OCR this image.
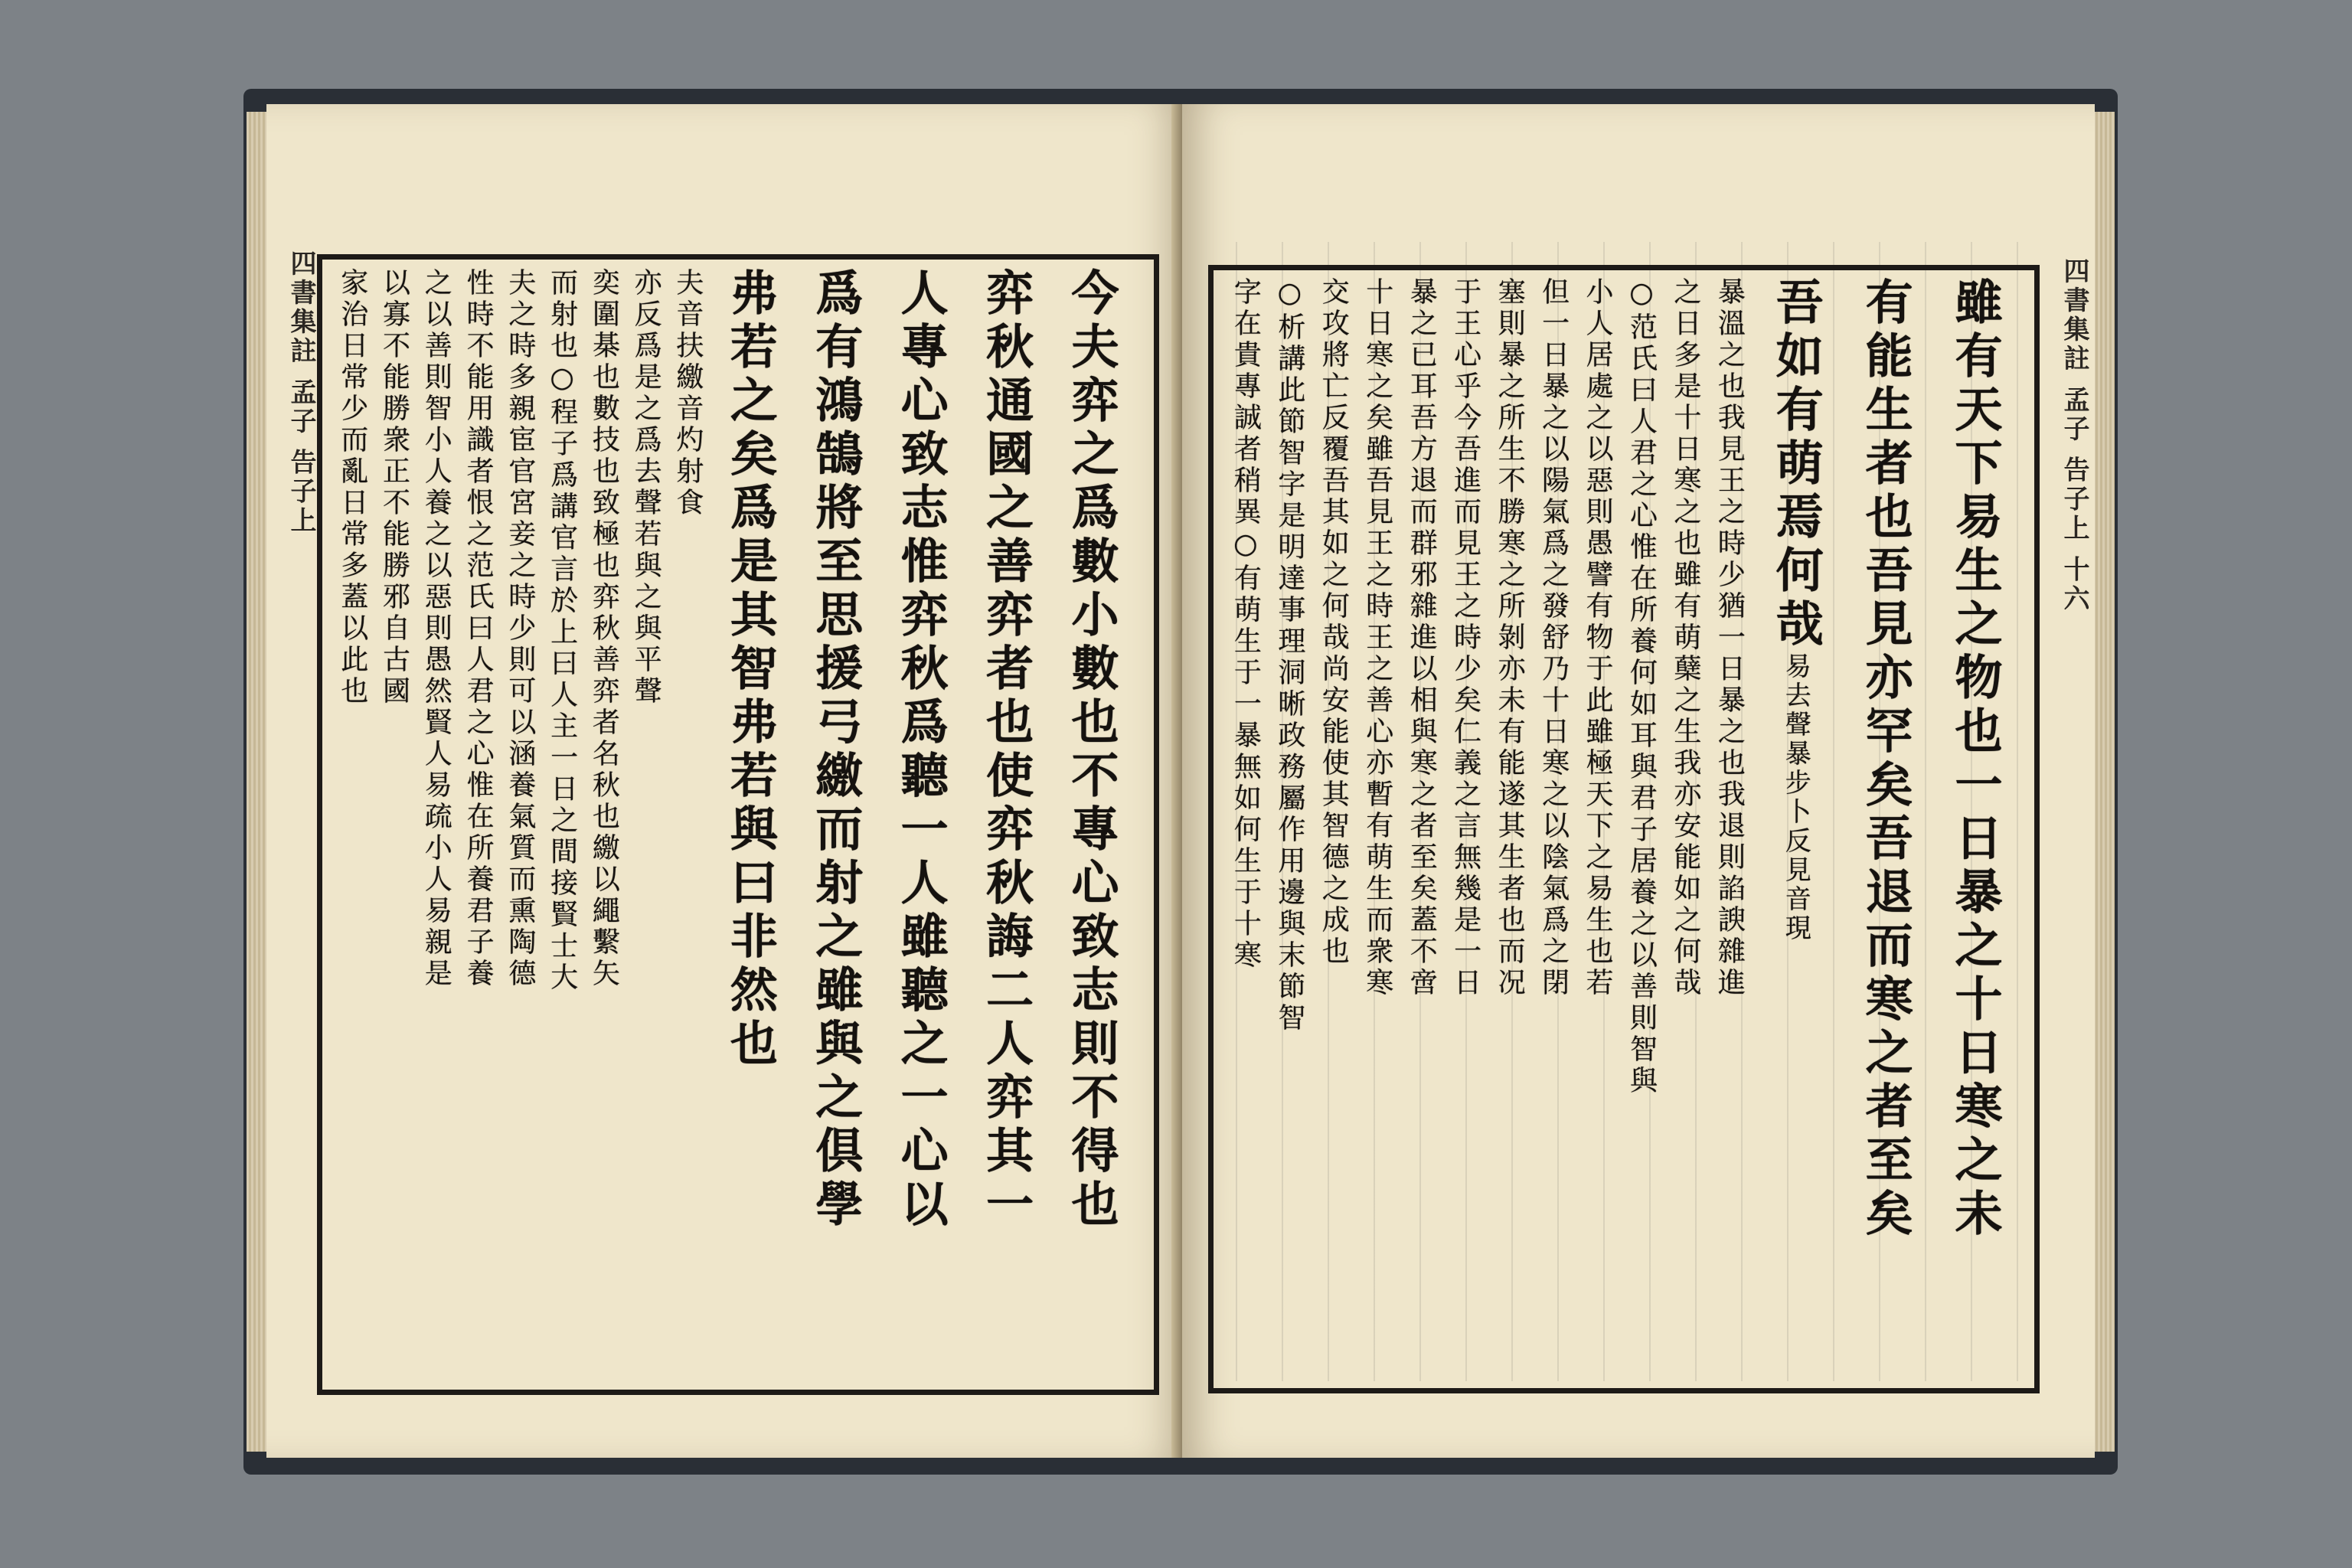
四書集註 孟子 告子上	今夫弈之爲數小數也不專心致志則不得也
弈秋通國之善弈者也使弈秋誨二人弈其一
人專心致志惟弈秋爲聽一人雖聽之一心以
爲有鴻鵠將至思援弓繳而射之雖與之倶學
弗若之矣爲是其智弗若與曰非然也
夫音扶繳音灼射食
亦反爲是之爲去聲若與之與平聲
奕圍棊也數技也致極也弈秋善弈者名秋也繳以繩繫矢
而射也○程子爲講官言於上曰人主一日之間接賢士大
夫之時多親宦官宮妾之時少則可以涵養氣質而熏陶德
性時不能用識者恨之范氏曰人君之心惟在所養君子養
之以善則智小人養之以惡則愚然賢人易疏小人易親是
以寡不能勝衆正不能勝邪自古國
家治日常少而亂日常多蓋以此也	四書集註 孟子 告子上 十六
雖有天下易生之物也一日暴之十日寒之未
有能生者也吾見亦罕矣吾退而寒之者至矣
吾如有萌焉何哉易去聲暴步卜反見音現
暴溫之也我見王之時少猶一日暴之也我退則諂諛雜進
之日多是十日寒之也雖有萌蘖之生我亦安能如之何哉
○范氏曰人君之心惟在所養何如耳與君子居養之以善則智與
小人居處之以惡則愚譬有物于此雖極天下之易生也若
但一日暴之以陽氣爲之發舒乃十日寒之以陰氣爲之閉
塞則暴之所生不勝寒之所剝亦未有能遂其生者也而况
于王心乎今吾進而見王之時少矣仁義之言無幾是一日
暴之已耳吾方退而群邪雜進以相與寒之者至矣蓋不啻
十日寒之矣雖吾見王之時王之善心亦暫有萌生而衆寒
交攻將亡反覆吾其如之何哉尚安能使其智德之成也
○析講此節智字是明達事理洞晰政務屬作用邊與末節智
字在貴專誠者稍異○有萌生于一暴無如何生于十寒
